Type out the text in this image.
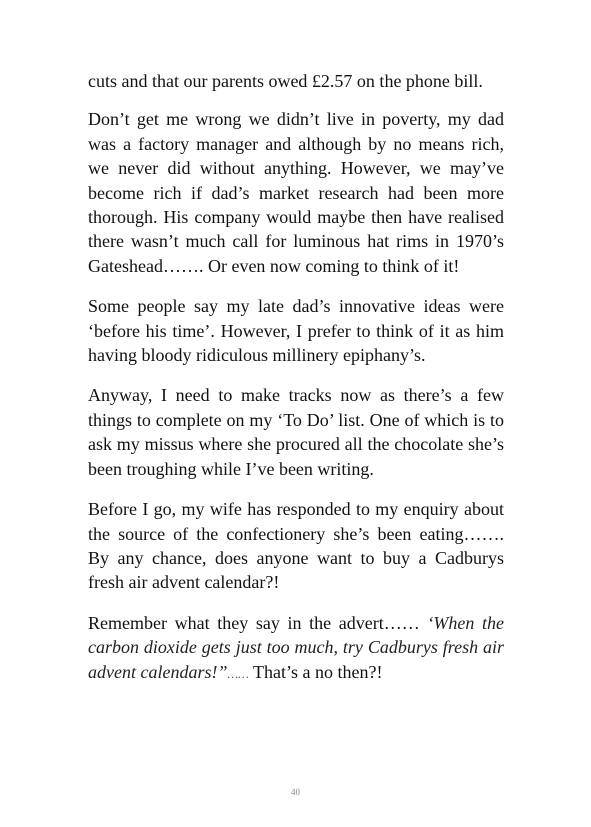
cuts and that our parents owed £2.57 on the phone bill.

Don’t get me wrong we didn’t live in poverty, my dad was a factory manager and although by no means rich, we never did without anything. However, we may’ve become rich if dad’s market research had been more thorough. His company would maybe then have realised there wasn’t much call for luminous hat rims in 1970’s Gateshead……. Or even now coming to think of it!

Some people say my late dad’s innovative ideas were ‘before his time’. However, I prefer to think of it as him having bloody ridiculous millinery epiphany’s.

Anyway, I need to make tracks now as there’s a few things to complete on my ‘To Do’ list. One of which is to ask my missus where she procured all the chocolate she’s been troughing while I’ve been writing.

Before I go, my wife has responded to my enquiry about the source of the confectionery she’s been eating……. By any chance, does anyone want to buy a Cadburys fresh air advent calendar?!

Remember what they say in the advert…… ‘When the carbon dioxide gets just too much, try Cadburys fresh air advent calendars!”…… That’s a no then?!

40
